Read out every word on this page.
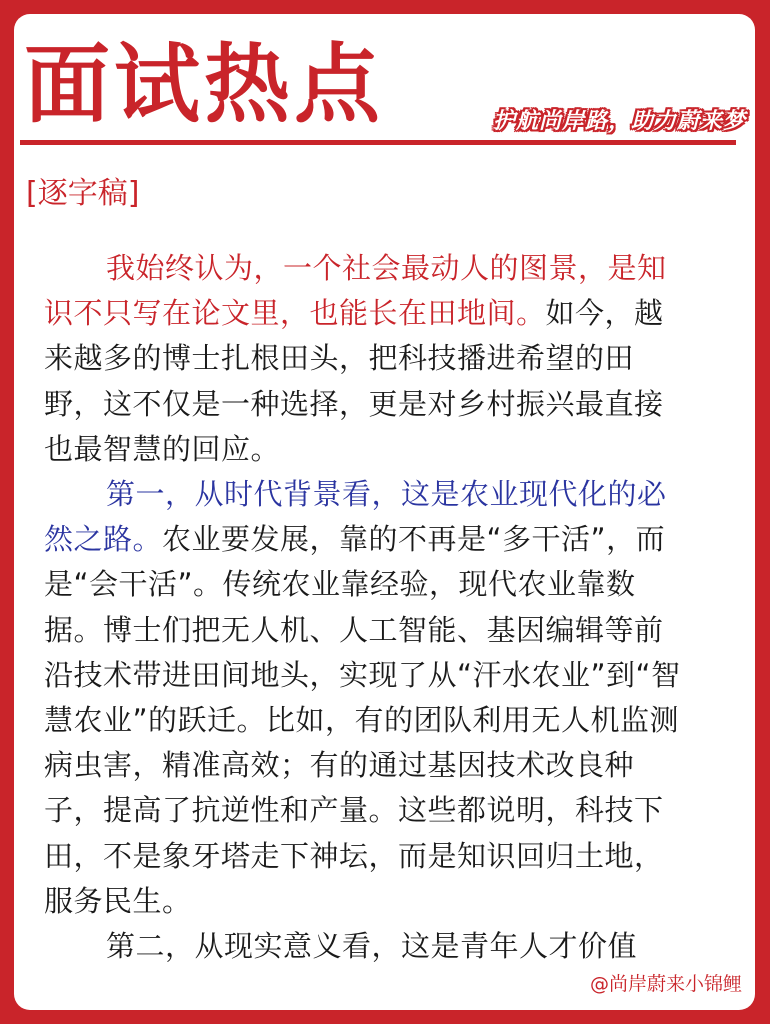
面试热点	护航尚岸路，助力蔚来梦
[逐字稿]

我始终认为，一个社会最动人的图景，是知识不只写在论文里，也能长在田地间。如今，越来越多的博士扎根田头，把科技播进希望的田野，这不仅是一种选择，更是对乡村振兴最直接也最智慧的回应。

第一，从时代背景看，这是农业现代化的必然之路。农业要发展，靠的不再是“多干活”，而是“会干活”。传统农业靠经验，现代农业靠数据。博士们把无人机、人工智能、基因编辑等前沿技术带进田间地头，实现了从“汗水农业”到“智慧农业”的跃迁。比如，有的团队利用无人机监测病虫害，精准高效；有的通过基因技术改良种子，提高了抗逆性和产量。这些都说明，科技下田，不是象牙塔走下神坛，而是知识回归土地，服务民生。

第二，从现实意义看，这是青年人才价值

@尚岸蔚来小锦鲤
